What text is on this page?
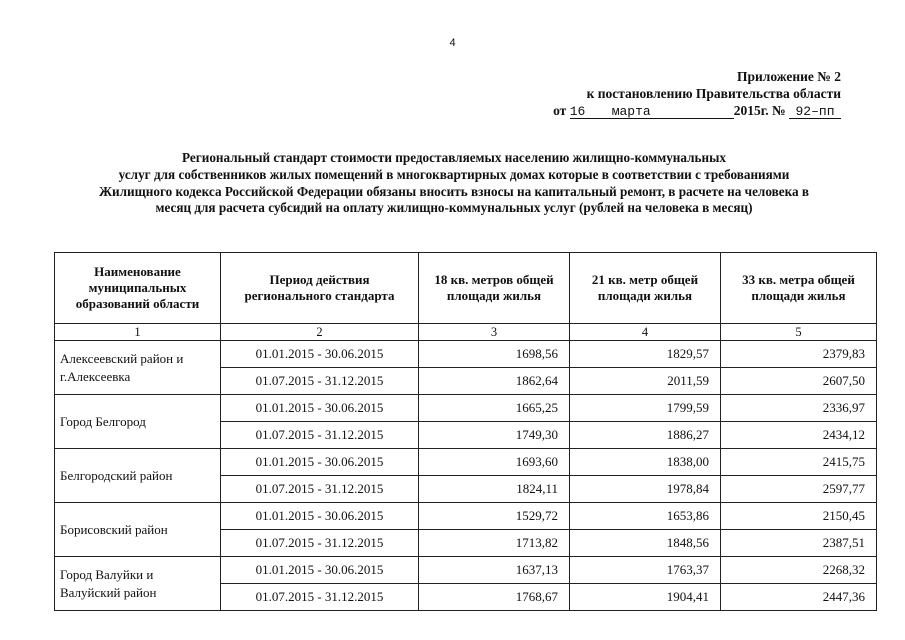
4
Приложение № 2
к постановлению Правительства области
от 16 марта	2015г. № 92–пп
Региональный стандарт стоимости предоставляемых населению жилищно-коммунальных
услуг для собственников жилых помещений в многоквартирных домах которые в соответствии с требованиями
Жилищного кодекса Российской Федерации обязаны вносить взносы на капитальный ремонт, в расчете на человека в
месяц для расчета субсидий на оплату жилищно-коммунальных услуг (рублей на человека в месяц)
Наименование муниципальных образований области	Период действия регионального стандарта	18 кв. метров общей площади жилья	21 кв. метр общей площади жилья	33 кв. метра общей площади жилья
1	2	3	4	5
Алексеевский район и г.Алексеевка	01.01.2015 - 30.06.2015	1698,56	1829,57	2379,83
	01.07.2015 - 31.12.2015	1862,64	2011,59	2607,50
Город Белгород	01.01.2015 - 30.06.2015	1665,25	1799,59	2336,97
	01.07.2015 - 31.12.2015	1749,30	1886,27	2434,12
Белгородский район	01.01.2015 - 30.06.2015	1693,60	1838,00	2415,75
	01.07.2015 - 31.12.2015	1824,11	1978,84	2597,77
Борисовский район	01.01.2015 - 30.06.2015	1529,72	1653,86	2150,45
	01.07.2015 - 31.12.2015	1713,82	1848,56	2387,51
Город Валуйки и Валуйский район	01.01.2015 - 30.06.2015	1637,13	1763,37	2268,32
	01.07.2015 - 31.12.2015	1768,67	1904,41	2447,36
